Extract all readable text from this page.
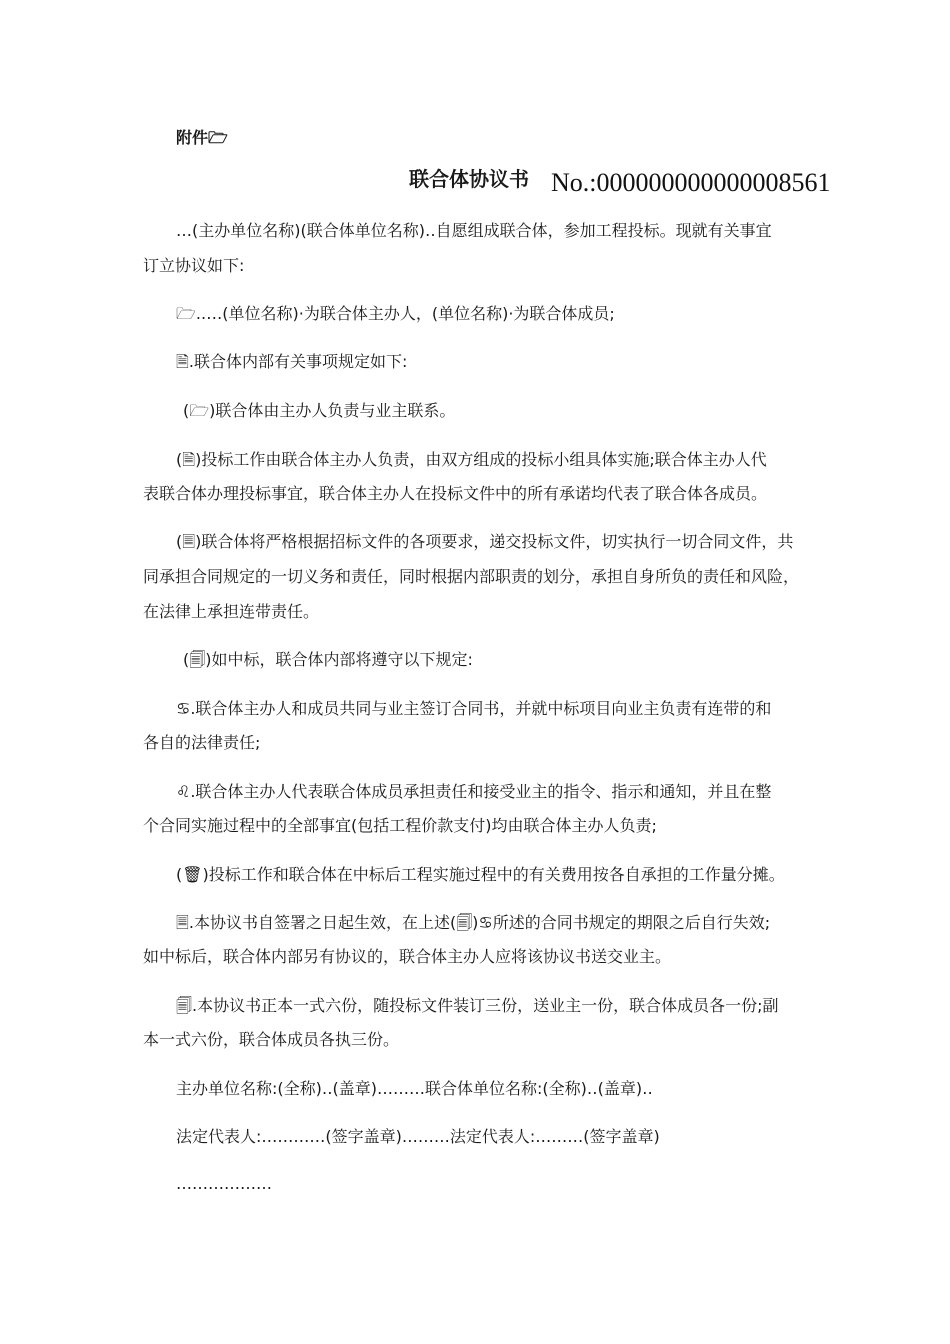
附件🗁
联合体协议书 No.:000000000000008561
…(主办单位名称)(联合体单位名称)‥自愿组成联合体，参加工程投标。现就有关事宜
订立协议如下:
🗁.‥‥(单位名称)·为联合体主办人，(单位名称)·为联合体成员;
🗎.联合体内部有关事项规定如下:
(🗁)联合体由主办人负责与业主联系。
(🗎)投标工作由联合体主办人负责，由双方组成的投标小组具体实施;联合体主办人代
表联合体办理投标事宜，联合体主办人在投标文件中的所有承诺均代表了联合体各成员。
(🗏)联合体将严格根据招标文件的各项要求，递交投标文件，切实执行一切合同文件，共
同承担合同规定的一切义务和责任，同时根据内部职责的划分，承担自身所负的责任和风险，
在法律上承担连带责任。
(🗐)如中标，联合体内部将遵守以下规定:
♋.联合体主办人和成员共同与业主签订合同书，并就中标项目向业主负责有连带的和
各自的法律责任;
♌.联合体主办人代表联合体成员承担责任和接受业主的指令、指示和通知，并且在整
个合同实施过程中的全部事宜(包括工程价款支付)均由联合体主办人负责;
(🗑)投标工作和联合体在中标后工程实施过程中的有关费用按各自承担的工作量分摊。
🗏.本协议书自签署之日起生效，在上述(🗐)♋所述的合同书规定的期限之后自行失效;
如中标后，联合体内部另有协议的，联合体主办人应将该协议书送交业主。
🗐.本协议书正本一式六份，随投标文件装订三份，送业主一份，联合体成员各一份;副
本一式六份，联合体成员各执三份。
主办单位名称:(全称)‥(盖章)………联合体单位名称:(全称)‥(盖章)‥
法定代表人:…………(签字盖章)………法定代表人:………(签字盖章)
………………
